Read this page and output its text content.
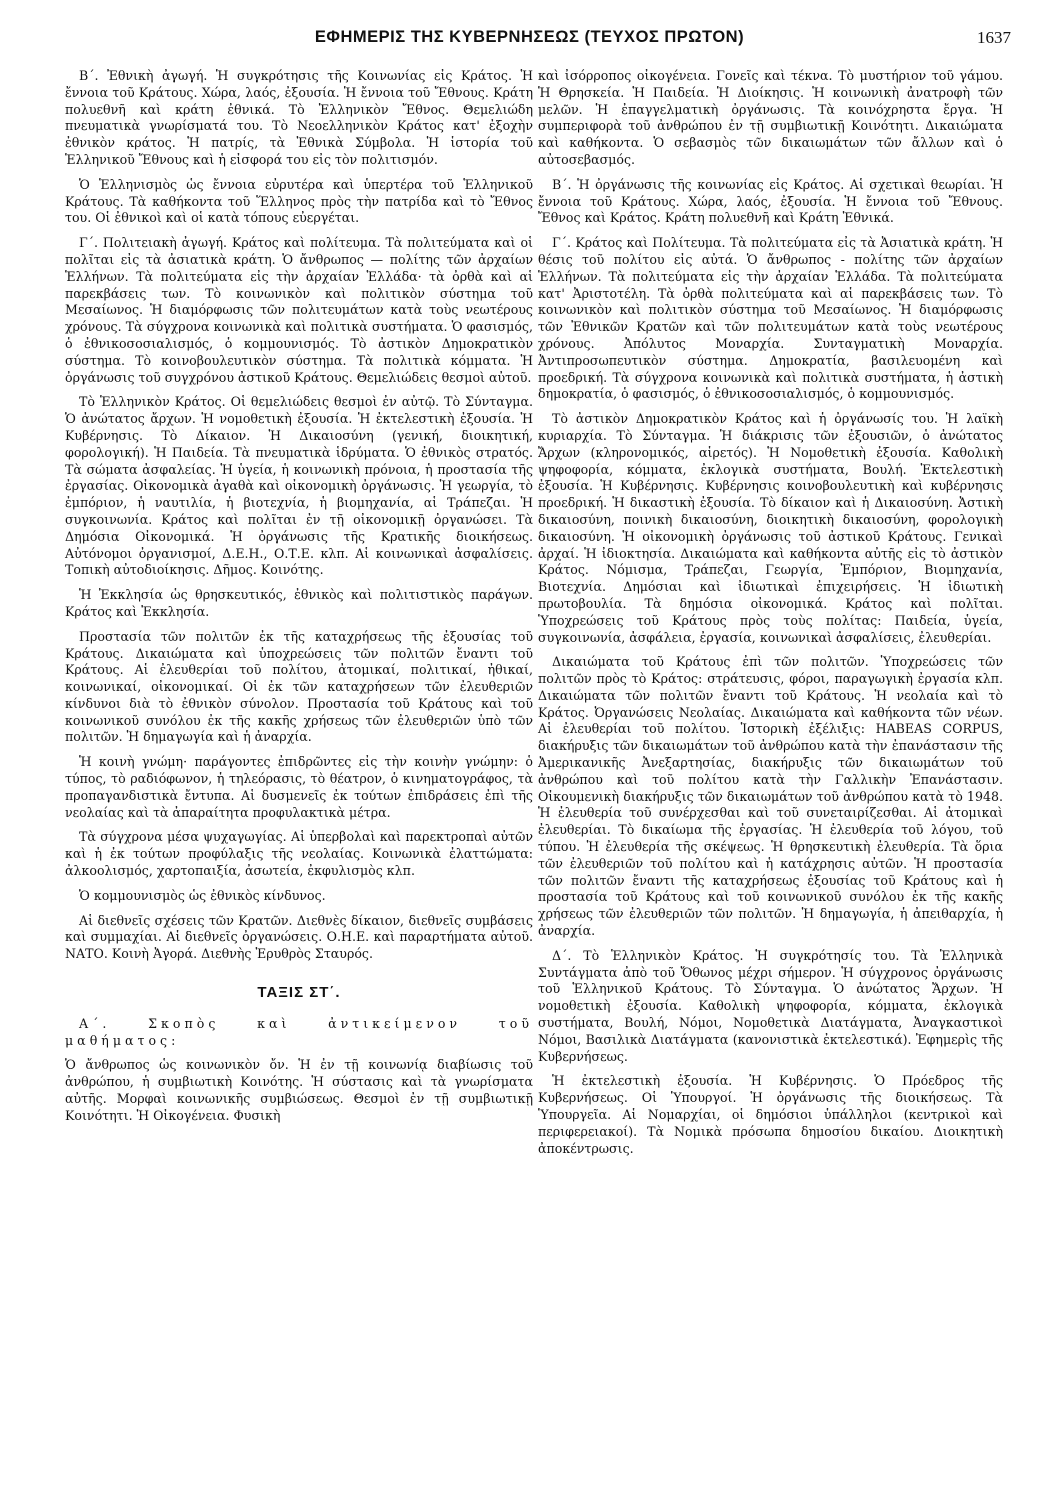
ΕΦΗΜΕΡΙΣ ΤΗΣ ΚΥΒΕΡΝΗΣΕΩΣ (ΤΕΥΧΟΣ ΠΡΩΤΟΝ)	1637

Β΄. Ἐθνικὴ ἀγωγή. Ἡ συγκρότησις τῆς Κοινωνίας εἰς Κράτος. Ἡ ἔννοια τοῦ Κράτους. Χώρα, λαός, ἐξουσία. Ἡ ἔννοια τοῦ Ἔθνους. Κράτη πολυεθνῆ καὶ κράτη ἐθνικά. Τὸ Ἑλληνικὸν Ἔθνος. Θεμελιώδη πνευματικὰ γνωρίσματά του. Τὸ Νεοελληνικὸν Κράτος κατ' ἐξοχὴν ἐθνικὸν κράτος. Ἡ πατρίς, τὰ Ἐθνικὰ Σύμβολα. Ἡ ἱστορία τοῦ Ἑλληνικοῦ Ἔθνους καὶ ἡ εἰσφορά του εἰς τὸν πολιτισμόν.

Ὁ Ἑλληνισμὸς ὡς ἔννοια εὐρυτέρα καὶ ὑπερτέρα τοῦ Ἑλληνικοῦ Κράτους. Τὰ καθήκοντα τοῦ Ἕλληνος πρὸς τὴν πατρίδα καὶ τὸ Ἔθνος του. Οἱ ἐθνικοὶ καὶ οἱ κατὰ τόπους εὐεργέται.

Γ΄. Πολιτειακὴ ἀγωγή. Κράτος καὶ πολίτευμα. Τὰ πολιτεύματα καὶ οἱ πολῖται εἰς τὰ ἀσιατικὰ κράτη. Ὁ ἄνθρωπος — πολίτης τῶν ἀρχαίων Ἑλλήνων. Τὰ πολιτεύματα εἰς τὴν ἀρχαίαν Ἑλλάδα· τὰ ὀρθὰ καὶ αἱ παρεκβάσεις των. Τὸ κοινωνικὸν καὶ πολιτικὸν σύστημα τοῦ Μεσαίωνος. Ἡ διαμόρφωσις τῶν πολιτευμάτων κατὰ τοὺς νεωτέρους χρόνους. Τὰ σύγχρονα κοινωνικὰ καὶ πολιτικὰ συστήματα. Ὁ φασισμός, ὁ ἐθνικοσοσιαλισμός, ὁ κομμουνισμός. Τὸ ἀστικὸν Δημοκρατικὸν σύστημα. Τὸ κοινοβουλευτικὸν σύστημα. Τὰ πολιτικὰ κόμματα. Ἡ ὀργάνωσις τοῦ συγχρόνου ἀστικοῦ Κράτους. Θεμελιώδεις θεσμοὶ αὐτοῦ.

Τὸ Ἑλληνικὸν Κράτος. Οἱ θεμελιώδεις θεσμοὶ ἐν αὐτῷ. Τὸ Σύνταγμα. Ὁ ἀνώτατος ἄρχων. Ἡ νομοθετικὴ ἐξουσία. Ἡ ἐκτελεστικὴ ἐξουσία. Ἡ Κυβέρνησις. Τὸ Δίκαιον. Ἡ Δικαιοσύνη (γενική, διοικητική, φορολογική). Ἡ Παιδεία. Τὰ πνευματικὰ ἱδρύματα. Ὁ ἐθνικὸς στρατός. Τὰ σώματα ἀσφαλείας. Ἡ ὑγεία, ἡ κοινωνικὴ πρόνοια, ἡ προστασία τῆς ἐργασίας. Οἰκονομικὰ ἀγαθὰ καὶ οἰκονομικὴ ὀργάνωσις. Ἡ γεωργία, τὸ ἐμπόριον, ἡ ναυτιλία, ἡ βιοτεχνία, ἡ βιομηχανία, αἱ Τράπεζαι. Ἡ συγκοινωνία. Κράτος καὶ πολῖται ἐν τῇ οἰκονομικῇ ὀργανώσει. Τὰ Δημόσια Οἰκονομικά. Ἡ ὀργάνωσις τῆς Κρατικῆς διοικήσεως. Αὐτόνομοι ὀργανισμοί, Δ.Ε.Η., Ο.Τ.Ε. κλπ. Αἱ κοινωνικαὶ ἀσφαλίσεις. Τοπικὴ αὐτοδιοίκησις. Δῆμος. Κοινότης.

Ἡ Ἐκκλησία ὡς θρησκευτικός, ἐθνικὸς καὶ πολιτιστικὸς παράγων. Κράτος καὶ Ἐκκλησία.

Προστασία τῶν πολιτῶν ἐκ τῆς καταχρήσεως τῆς ἐξουσίας τοῦ Κράτους. Δικαιώματα καὶ ὑποχρεώσεις τῶν πολιτῶν ἔναντι τοῦ Κράτους. Αἱ ἐλευθερίαι τοῦ πολίτου, ἀτομικαί, πολιτικαί, ἠθικαί, κοινωνικαί, οἰκονομικαί. Οἱ ἐκ τῶν καταχρήσεων τῶν ἐλευθεριῶν κίνδυνοι διὰ τὸ ἐθνικὸν σύνολον. Προστασία τοῦ Κράτους καὶ τοῦ κοινωνικοῦ συνόλου ἐκ τῆς κακῆς χρήσεως τῶν ἐλευθεριῶν ὑπὸ τῶν πολιτῶν. Ἡ δημαγωγία καὶ ἡ ἀναρχία.

Ἡ κοινὴ γνώμη· παράγοντες ἐπιδρῶντες εἰς τὴν κοινὴν γνώμην: ὁ τύπος, τὸ ραδιόφωνον, ἡ τηλεόρασις, τὸ θέατρον, ὁ κινηματογράφος, τὰ προπαγανδιστικὰ ἔντυπα. Αἱ δυσμενεῖς ἐκ τούτων ἐπιδράσεις ἐπὶ τῆς νεολαίας καὶ τὰ ἀπαραίτητα προφυλακτικὰ μέτρα.

Τὰ σύγχρονα μέσα ψυχαγωγίας. Αἱ ὑπερβολαὶ καὶ παρεκτροπαὶ αὐτῶν καὶ ἡ ἐκ τούτων προφύλαξις τῆς νεολαίας. Κοινωνικὰ ἐλαττώματα: ἀλκοολισμός, χαρτοπαιξία, ἀσωτεία, ἐκφυλισμὸς κλπ.

Ὁ κομμουνισμὸς ὡς ἐθνικὸς κίνδυνος.

Αἱ διεθνεῖς σχέσεις τῶν Κρατῶν. Διεθνὲς δίκαιον, διεθνεῖς συμβάσεις καὶ συμμαχίαι. Αἱ διεθνεῖς ὀργανώσεις. Ο.Η.Ε. καὶ παραρτήματα αὐτοῦ. ΝΑΤΟ. Κοινὴ Ἀγορά. Διεθνὴς Ἐρυθρὸς Σταυρός.

ΤΑΞΙΣ ΣΤ΄.

Α΄. Σκοπὸς καὶ ἀντικείμενον τοῦ μαθήματος:

Ὁ ἄνθρωπος ὡς κοινωνικὸν ὄν. Ἡ ἐν τῇ κοινωνίᾳ διαβίωσις τοῦ ἀνθρώπου, ἡ συμβιωτικὴ Κοινότης. Ἡ σύστασις καὶ τὰ γνωρίσματα αὐτῆς. Μορφαὶ κοινωνικῆς συμβιώσεως. Θεσμοὶ ἐν τῇ συμβιωτικῇ Κοινότητι. Ἡ Οἰκογένεια. Φυσικὴ

καὶ ἰσόρροπος οἰκογένεια. Γονεῖς καὶ τέκνα. Τὸ μυστήριον τοῦ γάμου. Ἡ Θρησκεία. Ἡ Παιδεία. Ἡ Διοίκησις. Ἡ κοινωνικὴ ἀνατροφὴ τῶν μελῶν. Ἡ ἐπαγγελματικὴ ὀργάνωσις. Τὰ κοινόχρηστα ἔργα. Ἡ συμπεριφορὰ τοῦ ἀνθρώπου ἐν τῇ συμβιωτικῇ Κοινότητι. Δικαιώματα καὶ καθήκοντα. Ὁ σεβασμὸς τῶν δικαιωμάτων τῶν ἄλλων καὶ ὁ αὐτοσεβασμός.

Β΄. Ἡ ὀργάνωσις τῆς κοινωνίας εἰς Κράτος. Αἱ σχετικαὶ θεωρίαι. Ἡ ἔννοια τοῦ Κράτους. Χώρα, λαός, ἐξουσία. Ἡ ἔννοια τοῦ Ἔθνους. Ἔθνος καὶ Κράτος. Κράτη πολυεθνῆ καὶ Κράτη Ἐθνικά.

Γ΄. Κράτος καὶ Πολίτευμα. Τὰ πολιτεύματα εἰς τὰ Ἀσιατικὰ κράτη. Ἡ θέσις τοῦ πολίτου εἰς αὐτά. Ὁ ἄνθρωπος - πολίτης τῶν ἀρχαίων Ἑλλήνων. Τὰ πολιτεύματα εἰς τὴν ἀρχαίαν Ἑλλάδα. Τὰ πολιτεύματα κατ' Ἀριστοτέλη. Τὰ ὀρθὰ πολιτεύματα καὶ αἱ παρεκβάσεις των. Τὸ κοινωνικὸν καὶ πολιτικὸν σύστημα τοῦ Μεσαίωνος. Ἡ διαμόρφωσις τῶν Ἐθνικῶν Κρατῶν καὶ τῶν πολιτευμάτων κατὰ τοὺς νεωτέρους χρόνους. Ἀπόλυτος Μοναρχία. Συνταγματικὴ Μοναρχία. Ἀντιπροσωπευτικὸν σύστημα. Δημοκρατία, βασιλευομένη καὶ προεδρική. Τὰ σύγχρονα κοινωνικὰ καὶ πολιτικὰ συστήματα, ἡ ἀστικὴ δημοκρατία, ὁ φασισμός, ὁ ἐθνικοσοσιαλισμός, ὁ κομμουνισμός.

Τὸ ἀστικὸν Δημοκρατικὸν Κράτος καὶ ἡ ὀργάνωσίς του. Ἡ λαϊκὴ κυριαρχία. Τὸ Σύνταγμα. Ἡ διάκρισις τῶν ἐξουσιῶν, ὁ ἀνώτατος Ἄρχων (κληρονομικός, αἱρετός). Ἡ Νομοθετικὴ ἐξουσία. Καθολικὴ ψηφοφορία, κόμματα, ἐκλογικὰ συστήματα, Βουλή. Ἐκτελεστικὴ ἐξουσία. Ἡ Κυβέρνησις. Κυβέρνησις κοινοβουλευτικὴ καὶ κυβέρνησις προεδρική. Ἡ δικαστικὴ ἐξουσία. Τὸ δίκαιον καὶ ἡ Δικαιοσύνη. Ἀστικὴ δικαιοσύνη, ποινικὴ δικαιοσύνη, διοικητικὴ δικαιοσύνη, φορολογικὴ δικαιοσύνη. Ἡ οἰκονομικὴ ὀργάνωσις τοῦ ἀστικοῦ Κράτους. Γενικαὶ ἀρχαί. Ἡ ἰδιοκτησία. Δικαιώματα καὶ καθήκοντα αὐτῆς εἰς τὸ ἀστικὸν Κράτος. Νόμισμα, Τράπεζαι, Γεωργία, Ἐμπόριον, Βιομηχανία, Βιοτεχνία. Δημόσιαι καὶ ἰδιωτικαὶ ἐπιχειρήσεις. Ἡ ἰδιωτικὴ πρωτοβουλία. Τὰ δημόσια οἰκονομικά. Κράτος καὶ πολῖται. Ὑποχρεώσεις τοῦ Κράτους πρὸς τοὺς πολίτας: Παιδεία, ὑγεία, συγκοινωνία, ἀσφάλεια, ἐργασία, κοινωνικαὶ ἀσφαλίσεις, ἐλευθερίαι.

Δικαιώματα τοῦ Κράτους ἐπὶ τῶν πολιτῶν. Ὑποχρεώσεις τῶν πολιτῶν πρὸς τὸ Κράτος: στράτευσις, φόροι, παραγωγικὴ ἐργασία κλπ. Δικαιώματα τῶν πολιτῶν ἔναντι τοῦ Κράτους. Ἡ νεολαία καὶ τὸ Κράτος. Ὀργανώσεις Νεολαίας. Δικαιώματα καὶ καθήκοντα τῶν νέων. Αἱ ἐλευθερίαι τοῦ πολίτου. Ἱστορικὴ ἐξέλιξις: HABEAS CORPUS, διακήρυξις τῶν δικαιωμάτων τοῦ ἀνθρώπου κατὰ τὴν ἐπανάστασιν τῆς Ἀμερικανικῆς Ἀνεξαρτησίας, διακήρυξις τῶν δικαιωμάτων τοῦ ἀνθρώπου καὶ τοῦ πολίτου κατὰ τὴν Γαλλικὴν Ἐπανάστασιν. Οἰκουμενικὴ διακήρυξις τῶν δικαιωμάτων τοῦ ἀνθρώπου κατὰ τὸ 1948. Ἡ ἐλευθερία τοῦ συνέρχεσθαι καὶ τοῦ συνεταιρίζεσθαι. Αἱ ἀτομικαὶ ἐλευθερίαι. Τὸ δικαίωμα τῆς ἐργασίας. Ἡ ἐλευθερία τοῦ λόγου, τοῦ τύπου. Ἡ ἐλευθερία τῆς σκέψεως. Ἡ θρησκευτικὴ ἐλευθερία. Τὰ ὅρια τῶν ἐλευθεριῶν τοῦ πολίτου καὶ ἡ κατάχρησις αὐτῶν. Ἡ προστασία τῶν πολιτῶν ἔναντι τῆς καταχρήσεως ἐξουσίας τοῦ Κράτους καὶ ἡ προστασία τοῦ Κράτους καὶ τοῦ κοινωνικοῦ συνόλου ἐκ τῆς κακῆς χρήσεως τῶν ἐλευθεριῶν τῶν πολιτῶν. Ἡ δημαγωγία, ἡ ἀπειθαρχία, ἡ ἀναρχία.

Δ΄. Τὸ Ἑλληνικὸν Κράτος. Ἡ συγκρότησίς του. Τὰ Ἑλληνικὰ Συντάγματα ἀπὸ τοῦ Ὄθωνος μέχρι σήμερον. Ἡ σύγχρονος ὀργάνωσις τοῦ Ἑλληνικοῦ Κράτους. Τὸ Σύνταγμα. Ὁ ἀνώτατος Ἄρχων. Ἡ νομοθετικὴ ἐξουσία. Καθολικὴ ψηφοφορία, κόμματα, ἐκλογικὰ συστήματα, Βουλή, Νόμοι, Νομοθετικὰ Διατάγματα, Ἀναγκαστικοὶ Νόμοι, Βασιλικὰ Διατάγματα (κανονιστικὰ ἐκτελεστικά). Ἐφημερὶς τῆς Κυβερνήσεως.

Ἡ ἐκτελεστικὴ ἐξουσία. Ἡ Κυβέρνησις. Ὁ Πρόεδρος τῆς Κυβερνήσεως. Οἱ Ὑπουργοί. Ἡ ὀργάνωσις τῆς διοικήσεως. Τὰ Ὑπουργεῖα. Αἱ Νομαρχίαι, οἱ δημόσιοι ὑπάλληλοι (κεντρικοὶ καὶ περιφερειακοί). Τὰ Νομικὰ πρόσωπα δημοσίου δικαίου. Διοικητικὴ ἀποκέντρωσις.
